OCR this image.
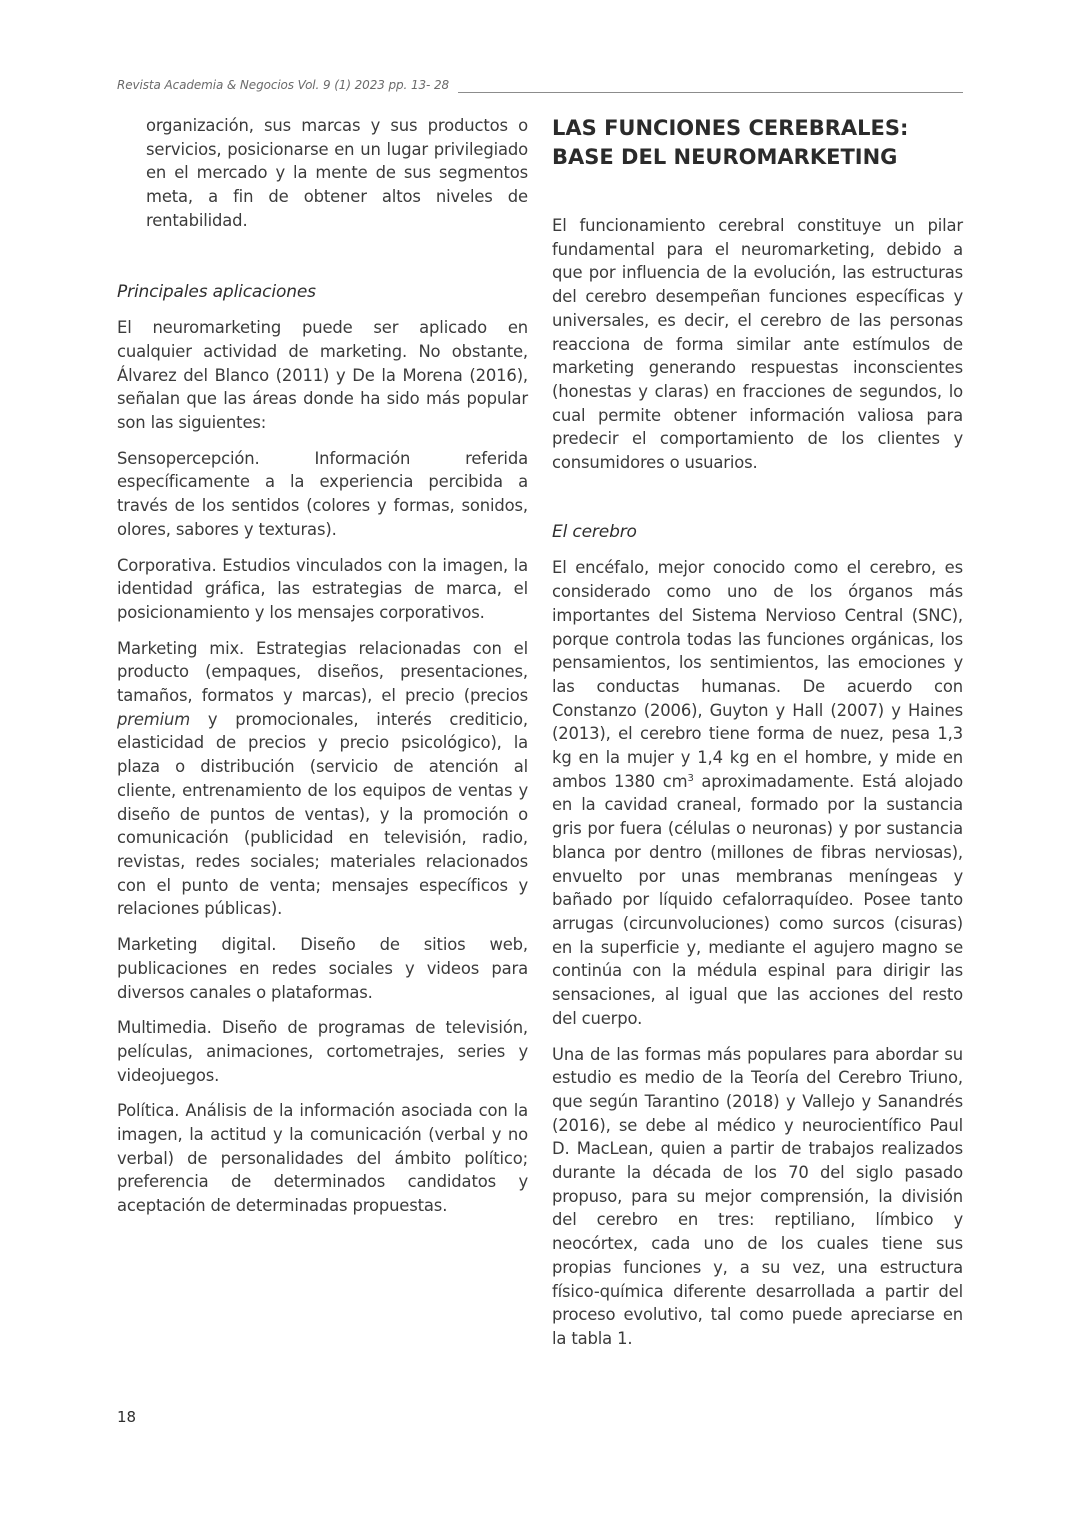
Revista Academia & Negocios Vol. 9 (1) 2023 pp. 13- 28

organización, sus marcas y sus productos o servicios, posicionarse en un lugar privilegiado en el mercado y la mente de sus segmentos meta, a fin de obtener altos niveles de rentabilidad.

Principales aplicaciones

El neuromarketing puede ser aplicado en cualquier actividad de marketing. No obstante, Álvarez del Blanco (2011) y De la Morena (2016), señalan que las áreas donde ha sido más popular son las siguientes:

Sensopercepción. Información referida específicamente a la experiencia percibida a través de los sentidos (colores y formas, sonidos, olores, sabores y texturas).

Corporativa. Estudios vinculados con la imagen, la identidad gráfica, las estrategias de marca, el posicionamiento y los mensajes corporativos.

Marketing mix. Estrategias relacionadas con el producto (empaques, diseños, presentaciones, tamaños, formatos y marcas), el precio (precios premium y promocionales, interés crediticio, elasticidad de precios y precio psicológico), la plaza o distribución (servicio de atención al cliente, entrenamiento de los equipos de ventas y diseño de puntos de ventas), y la promoción o comunicación (publicidad en televisión, radio, revistas, redes sociales; materiales relacionados con el punto de venta; mensajes específicos y relaciones públicas).

Marketing digital. Diseño de sitios web, publicaciones en redes sociales y videos para diversos canales o plataformas.

Multimedia. Diseño de programas de televisión, películas, animaciones, cortometrajes, series y videojuegos.

Política. Análisis de la información asociada con la imagen, la actitud y la comunicación (verbal y no verbal) de personalidades del ámbito político; preferencia de determinados candidatos y aceptación de determinadas propuestas.

LAS FUNCIONES CEREBRALES: BASE DEL NEUROMARKETING

El funcionamiento cerebral constituye un pilar fundamental para el neuromarketing, debido a que por influencia de la evolución, las estructuras del cerebro desempeñan funciones específicas y universales, es decir, el cerebro de las personas reacciona de forma similar ante estímulos de marketing generando respuestas inconscientes (honestas y claras) en fracciones de segundos, lo cual permite obtener información valiosa para predecir el comportamiento de los clientes y consumidores o usuarios.

El cerebro

El encéfalo, mejor conocido como el cerebro, es considerado como uno de los órganos más importantes del Sistema Nervioso Central (SNC), porque controla todas las funciones orgánicas, los pensamientos, los sentimientos, las emociones y las conductas humanas. De acuerdo con Constanzo (2006), Guyton y Hall (2007) y Haines (2013), el cerebro tiene forma de nuez, pesa 1,3 kg en la mujer y 1,4 kg en el hombre, y mide en ambos 1380 $cm^3$ aproximadamente. Está alojado en la cavidad craneal, formado por la sustancia gris por fuera (células o neuronas) y por sustancia blanca por dentro (millones de fibras nerviosas), envuelto por unas membranas meníngeas y bañado por líquido cefalorraquídeo. Posee tanto arrugas (circunvoluciones) como surcos (cisuras) en la superficie y, mediante el agujero magno se continúa con la médula espinal para dirigir las sensaciones, al igual que las acciones del resto del cuerpo.

Una de las formas más populares para abordar su estudio es medio de la Teoría del Cerebro Triuno, que según Tarantino (2018) y Vallejo y Sanandrés (2016), se debe al médico y neurocientífico Paul D. MacLean, quien a partir de trabajos realizados durante la década de los 70 del siglo pasado propuso, para su mejor comprensión, la división del cerebro en tres: reptiliano, límbico y neocórtex, cada uno de los cuales tiene sus propias funciones y, a su vez, una estructura físico-química diferente desarrollada a partir del proceso evolutivo, tal como puede apreciarse en la tabla 1.

18
